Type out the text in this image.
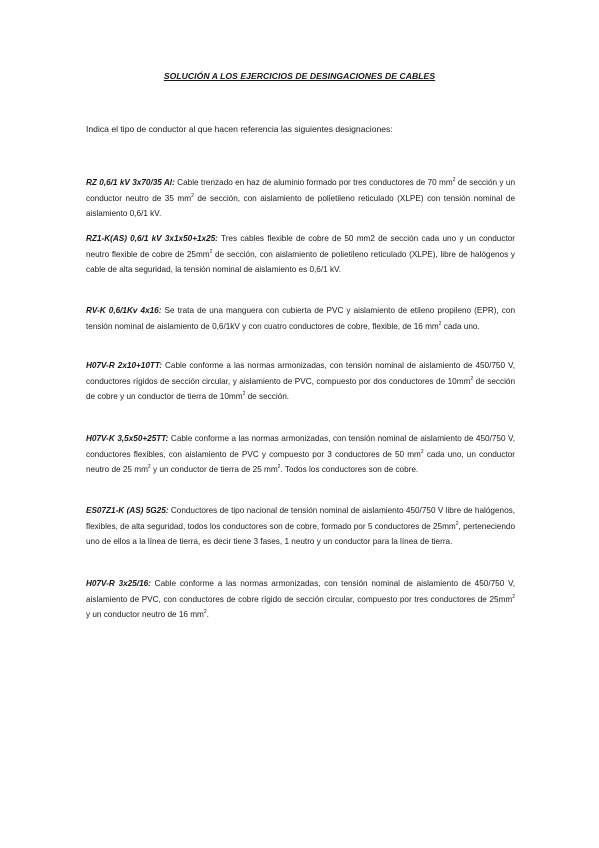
SOLUCIÓN A LOS EJERCICIOS DE DESINGACIONES DE CABLES
Indica el tipo de conductor al que hacen referencia las siguientes designaciones:

RZ 0,6/1 kV 3x70/35 Al: Cable trenzado en haz de aluminio formado por tres conductores de 70 $mm^2$ de sección y un conductor neutro de 35 $mm^2$ de sección, con aislamiento de polietileno reticulado (XLPE) con tensión nominal de aislamiento 0,6/1 kV.

RZ1-K(AS) 0,6/1 kV 3x1x50+1x25: Tres cables flexible de cobre de 50 mm2 de sección cada uno y un conductor neutro flexible de cobre de $25mm^2$ de sección, con aislamiento de polietileno reticulado (XLPE), libre de halógenos y cable de alta seguridad, la tensión nominal de aislamiento es 0,6/1 kV.

RV-K 0,6/1Kv 4x16: Se trata de una manguera con cubierta de PVC y aislamiento de etileno propileno (EPR), con tensión nominal de aislamiento de 0,6/1kV y con cuatro conductores de cobre, flexible, de 16 $mm^2$ cada uno.

H07V-R 2x10+10TT: Cable conforme a las normas armonizadas, con tensión nominal de aislamiento de 450/750 V, conductores rígidos de sección circular, y aislamiento de PVC, compuesto por dos conductores de $10mm^2$ de sección de cobre y un conductor de tierra de $10mm^2$ de sección.

H07V-K 3,5x50+25TT: Cable conforme a las normas armonizadas, con tensión nominal de aislamiento de 450/750 V, conductores flexibles, con aislamiento de PVC y compuesto por 3 conductores de 50 $mm^2$ cada uno, un conductor neutro de 25 $mm^2$ y un conductor de tierra de 25 $mm^2$. Todos los conductores son de cobre.

ES07Z1-K (AS) 5G25: Conductores de tipo nacional de tensión nominal de aislamiento 450/750 V libre de halógenos, flexibles, de alta seguridad, todos los conductores son de cobre, formado por 5 conductores de $25mm^2$, perteneciendo uno de ellos a la línea de tierra, es decir tiene 3 fases, 1 neutro y un conductor para la línea de tierra.

H07V-R 3x25/16: Cable conforme a las normas armonizadas, con tensión nominal de aislamiento de 450/750 V, aislamiento de PVC, con conductores de cobre rígido de sección circular, compuesto por tres conductores de $25mm^2$ y un conductor neutro de 16 $mm^2$.
